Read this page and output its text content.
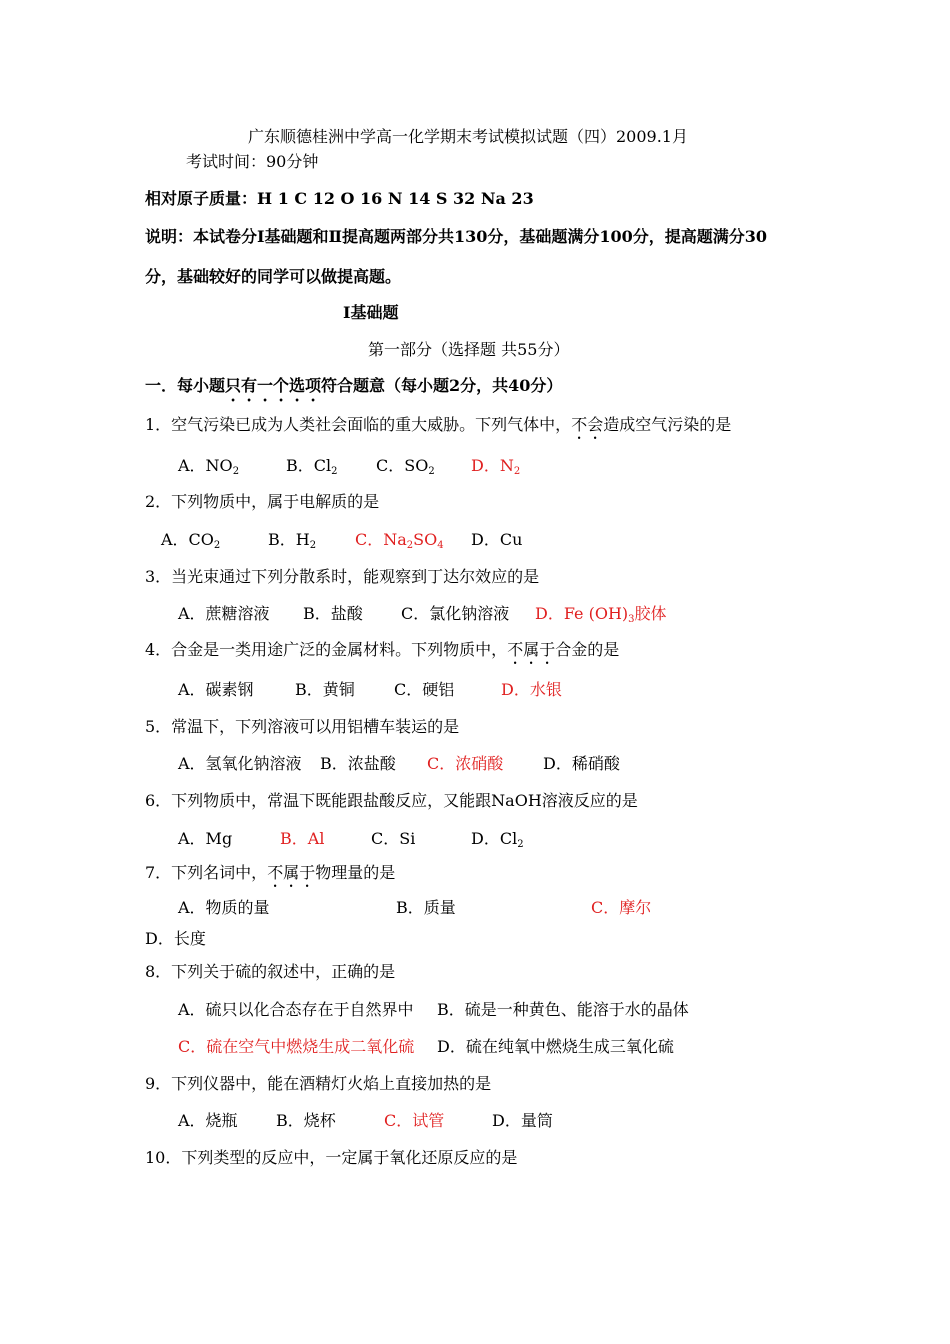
广东顺德桂洲中学高一化学期末考试模拟试题（四）2009.1月
考试时间：90分钟
相对原子质量：H 1 C 12 O 16 N 14 S 32 Na 23
说明：本试卷分Ⅰ基础题和Ⅱ提高题两部分共130分，基础题满分100分，提高题满分30
分，基础较好的同学可以做提高题。
Ⅰ基础题
第一部分（选择题 共55分）
一．每小题只有一个选项符合题意（每小题2分，共40分）
1．空气污染已成为人类社会面临的重大威胁。下列气体中，不会造成空气污染的是
A．$NO_2$	B．$Cl_2$ C．$SO_2$ D．$N_2$
2．下列物质中，属于电解质的是
A．$CO_2$	B．$H_2$ C．$Na_2SO_4$ D．Cu
3．当光束通过下列分散系时，能观察到丁达尔效应的是
A．蔗糖溶液 B．盐酸 C．氯化钠溶液 D．Fe $(OH)_3$胶体
4．合金是一类用途广泛的金属材料。下列物质中，不属于合金的是
A．碳素钢	B．黄铜 C．硬铝	D．水银
5．常温下，下列溶液可以用铝槽车装运的是
A．氢氧化钠溶液 B．浓盐酸 C．浓硝酸 D．稀硝酸
6．下列物质中，常温下既能跟盐酸反应，又能跟NaOH溶液反应的是
A．Mg	B．Al	C．Si	D．$Cl_2$
7．下列名词中，不属于物理量的是
A．物质的量	B．质量	C．摩尔
D．长度
8．下列关于硫的叙述中，正确的是
A．硫只以化合态存在于自然界中 B．硫是一种黄色、能溶于水的晶体
C．硫在空气中燃烧生成二氧化硫 D．硫在纯氧中燃烧生成三氧化硫
9．下列仪器中，能在酒精灯火焰上直接加热的是
A．烧瓶 B．烧杯	C．试管	D．量筒
10．下列类型的反应中，一定属于氧化还原反应的是
